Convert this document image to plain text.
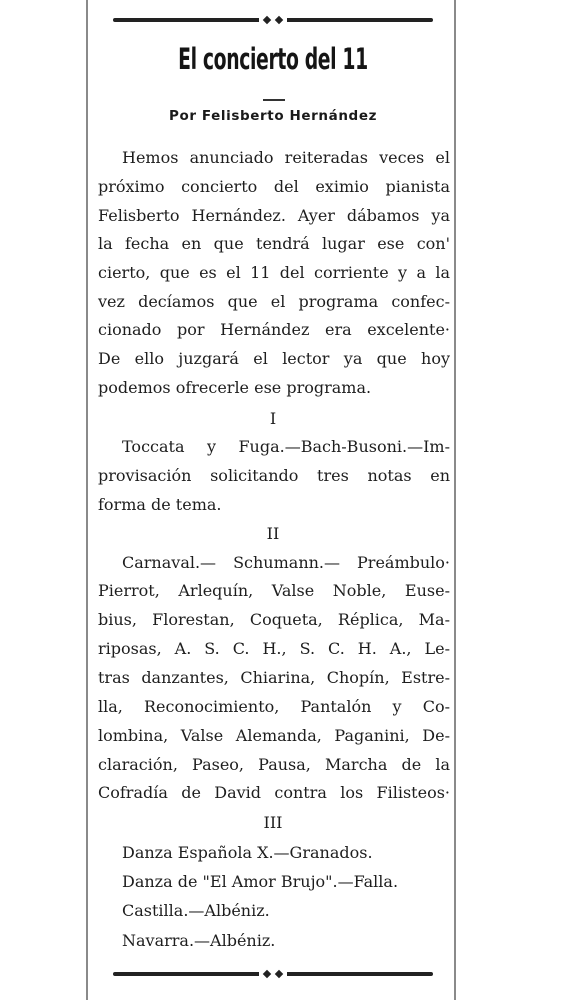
El concierto del 11
Por Felisberto Hernández
Hemos anunciado reiteradas veces el
próximo concierto del eximio pianista
Felisberto Hernández. Ayer dábamos ya
la fecha en que tendrá lugar ese con'
cierto, que es el 11 del corriente y a la
vez decíamos que el programa confec-
cionado por Hernández era excelente·
De ello juzgará el lector ya que hoy
podemos ofrecerle ese programa.
I
Toccata y Fuga.—Bach-Busoni.—Im-
provisación solicitando tres notas en
forma de tema.
II
Carnaval.— Schumann.— Preámbulo·
Pierrot, Arlequín, Valse Noble, Euse-
bius, Florestan, Coqueta, Réplica, Ma-
riposas, A. S. C. H., S. C. H. A., Le-
tras danzantes, Chiarina, Chopín, Estre-
lla, Reconocimiento, Pantalón y Co-
lombina, Valse Alemanda, Paganini, De-
claración, Paseo, Pausa, Marcha de la
Cofradía de David contra los Filisteos·
III
Danza Española X.—Granados.
Danza de "El Amor Brujo".—Falla.
Castilla.—Albéniz.
Navarra.—Albéniz.
